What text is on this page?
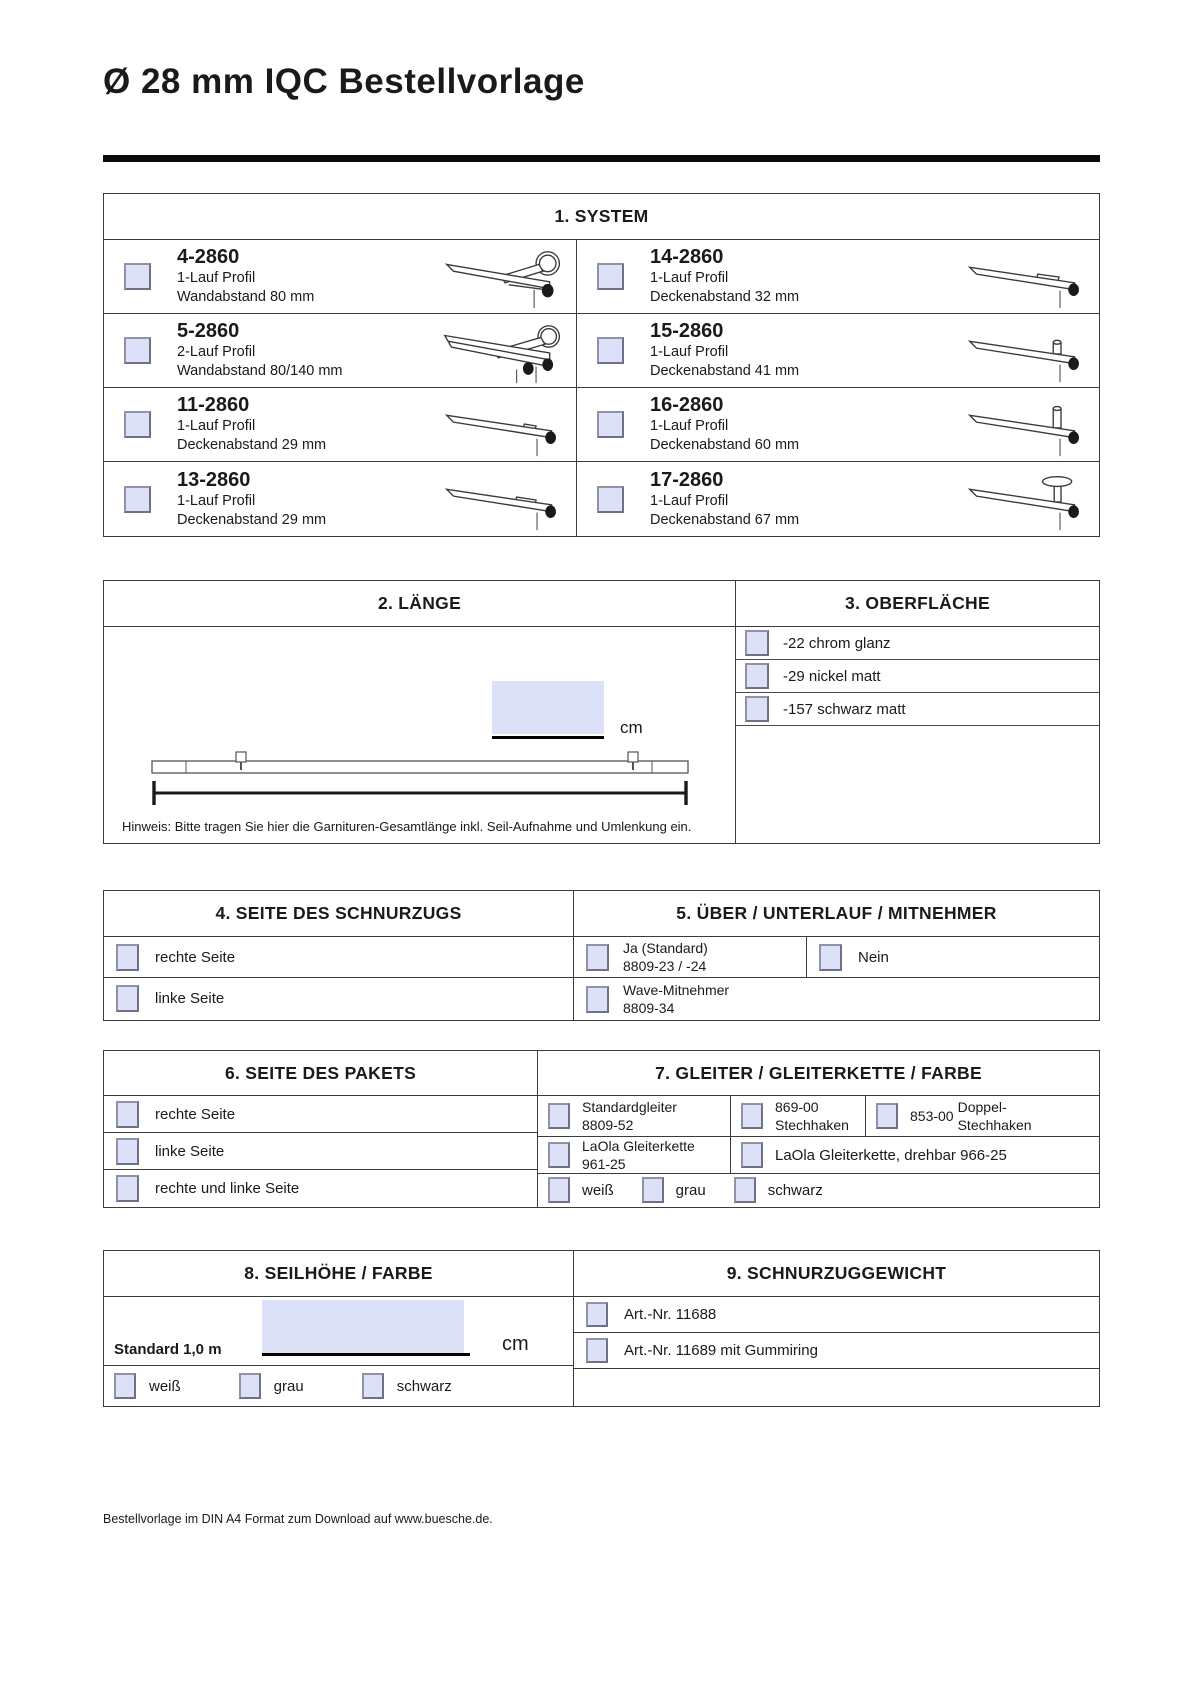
Ø 28 mm IQC Bestellvorlage
1. SYSTEM
4-2860
1-Lauf Profil
Wandabstand 80 mm
14-2860
1-Lauf Profil
Deckenabstand 32 mm
5-2860
2-Lauf Profil
Wandabstand 80/140 mm
15-2860
1-Lauf Profil
Deckenabstand 41 mm
11-2860
1-Lauf Profil
Deckenabstand 29 mm
16-2860
1-Lauf Profil
Deckenabstand 60 mm
13-2860
1-Lauf Profil
Deckenabstand 29 mm
17-2860
1-Lauf Profil
Deckenabstand 67 mm
2. LÄNGE
cm
Hinweis: Bitte tragen Sie hier die Garnituren-Gesamtlänge inkl. Seil-Aufnahme und Umlenkung ein.
3. OBERFLÄCHE
-22 chrom glanz
-29 nickel matt
-157 schwarz matt
4. SEITE DES SCHNURZUGS
rechte Seite
linke Seite
5. ÜBER / UNTERLAUF / MITNEHMER
Ja (Standard)
8809-23 / -24
Nein
Wave-Mitnehmer
8809-34
6. SEITE DES PAKETS
rechte Seite
linke Seite
rechte und linke Seite
7. GLEITER / GLEITERKETTE / FARBE
Standardgleiter
8809-52
869-00
Stechhaken
853-00
Doppel-
Stechhaken
LaOla Gleiterkette
961-25
LaOla Gleiterkette, drehbar 966-25
weiß	grau	schwarz
8. SEILHÖHE / FARBE
Standard 1,0 m	cm
weiß	grau	schwarz
9. SCHNURZUGGEWICHT
Art.-Nr. 11688
Art.-Nr. 11689 mit Gummiring
Bestellvorlage im DIN A4 Format zum Download auf www.buesche.de.
